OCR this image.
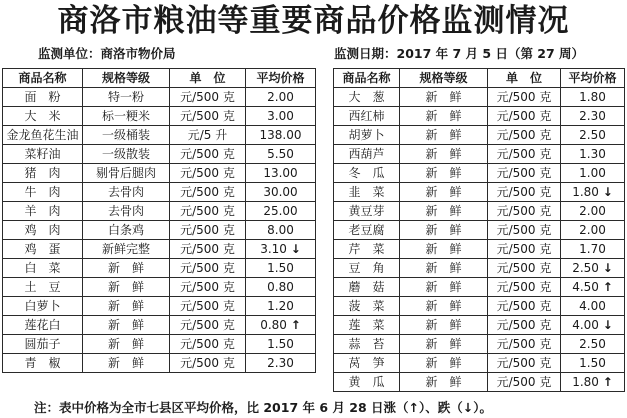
商洛市粮油等重要商品价格监测情况
监测单位：商洛市物价局	监测日期：2017 年 7 月 5 日（第 27 周）
商品名称	规格等级	单　位	平均价格
面　粉	特一粉	元/500 克	2.00
大　米	标一粳米	元/500 克	3.00
金龙鱼花生油	一级桶装	元/5 升	138.00
菜籽油	一级散装	元/500 克	5.50
猪　肉	剔骨后腿肉	元/500 克	13.00
牛　肉	去骨肉	元/500 克	30.00
羊　肉	去骨肉	元/500 克	25.00
鸡　肉	白条鸡	元/500 克	8.00
鸡　蛋	新鲜完整	元/500 克	3.10 ↓
白　菜	新　鲜	元/500 克	1.50
土　豆	新　鲜	元/500 克	0.80
白萝卜	新　鲜	元/500 克	1.20
莲花白	新　鲜	元/500 克	0.80 ↑
圆茄子	新　鲜	元/500 克	1.50
青　椒	新　鲜	元/500 克	2.30
商品名称	规格等级	单　位	平均价格
大　葱	新　鲜	元/500 克	1.80
西红柿	新　鲜	元/500 克	2.30
胡萝卜	新　鲜	元/500 克	2.50
西葫芦	新　鲜	元/500 克	1.30
冬　瓜	新　鲜	元/500 克	1.00
韭　菜	新　鲜	元/500 克	1.80 ↓
黄豆芽	新　鲜	元/500 克	2.00
老豆腐	新　鲜	元/500 克	2.00
芹　菜	新　鲜	元/500 克	1.70
豆　角	新　鲜	元/500 克	2.50 ↓
蘑　菇	新　鲜	元/500 克	4.50 ↑
菠　菜	新　鲜	元/500 克	4.00
莲　菜	新　鲜	元/500 克	4.00 ↓
蒜　苔	新　鲜	元/500 克	2.50
莴　笋	新　鲜	元/500 克	1.50
黄　瓜	新　鲜	元/500 克	1.80 ↑
注：表中价格为全市七县区平均价格，比 2017 年 6 月 28 日涨（↑）、跌（↓）。
